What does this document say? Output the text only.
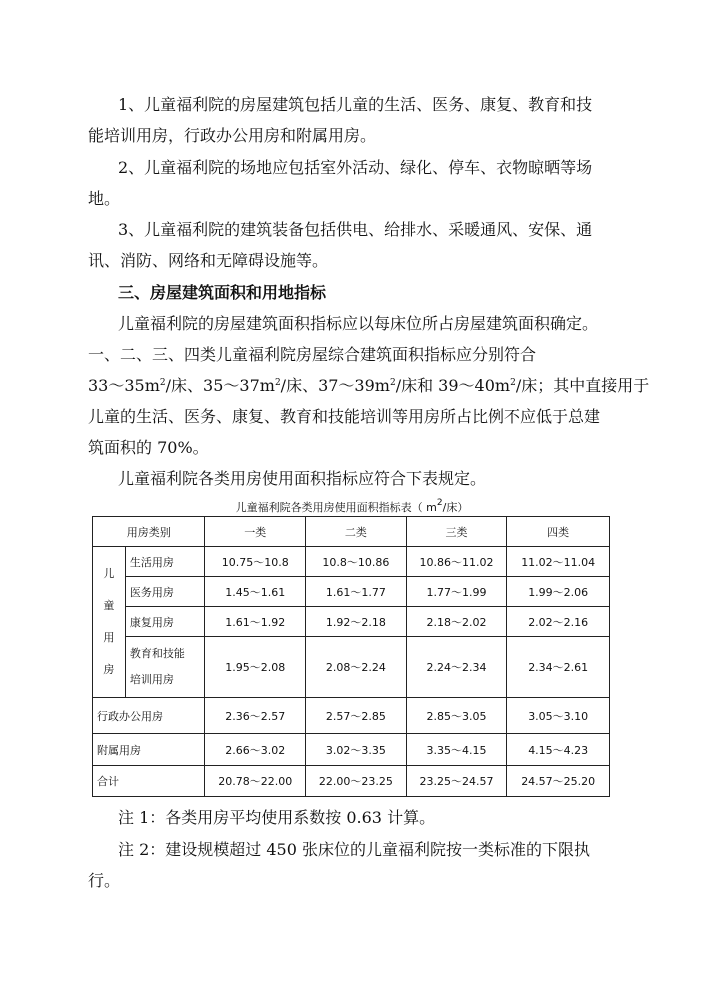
1、儿童福利院的房屋建筑包括儿童的生活、医务、康复、教育和技
能培训用房，行政办公用房和附属用房。
2、儿童福利院的场地应包括室外活动、绿化、停车、衣物晾晒等场
地。
3、儿童福利院的建筑装备包括供电、给排水、采暖通风、安保、通
讯、消防、网络和无障碍设施等。
三、房屋建筑面积和用地指标
儿童福利院的房屋建筑面积指标应以每床位所占房屋建筑面积确定。
一、二、三、四类儿童福利院房屋综合建筑面积指标应分别符合
$33\sim 35m^2/$床、$35\sim 37m^2/$床、$37\sim 39m^2/$床和 $39\sim 40m^2/$床；其中直接用于
儿童的生活、医务、康复、教育和技能培训等用房所占比例不应低于总建
筑面积的 70%。
儿童福利院各类用房使用面积指标应符合下表规定。
儿童福利院各类用房使用面积指标表（ $m^2/$床）
用房类别		一类	二类	三类	四类
儿
童
用
房	生活用房	10.75～10.8	10.8～10.86	10.86～11.02	11.02～11.04
	医务用房	1.45～1.61	1.61～1.77	1.77～1.99	1.99～2.06
	康复用房	1.61～1.92	1.92～2.18	2.18～2.02	2.02～2.16
	教育和技能
培训用房	1.95～2.08	2.08～2.24	2.24～2.34	2.34～2.61
行政办公用房		2.36～2.57	2.57～2.85	2.85～3.05	3.05～3.10
附属用房		2.66～3.02	3.02～3.35	3.35～4.15	4.15～4.23
合计		20.78～22.00	22.00～23.25	23.25～24.57	24.57～25.20
注 1：各类用房平均使用系数按 0.63 计算。
注 2：建设规模超过 450 张床位的儿童福利院按一类标准的下限执
行。
